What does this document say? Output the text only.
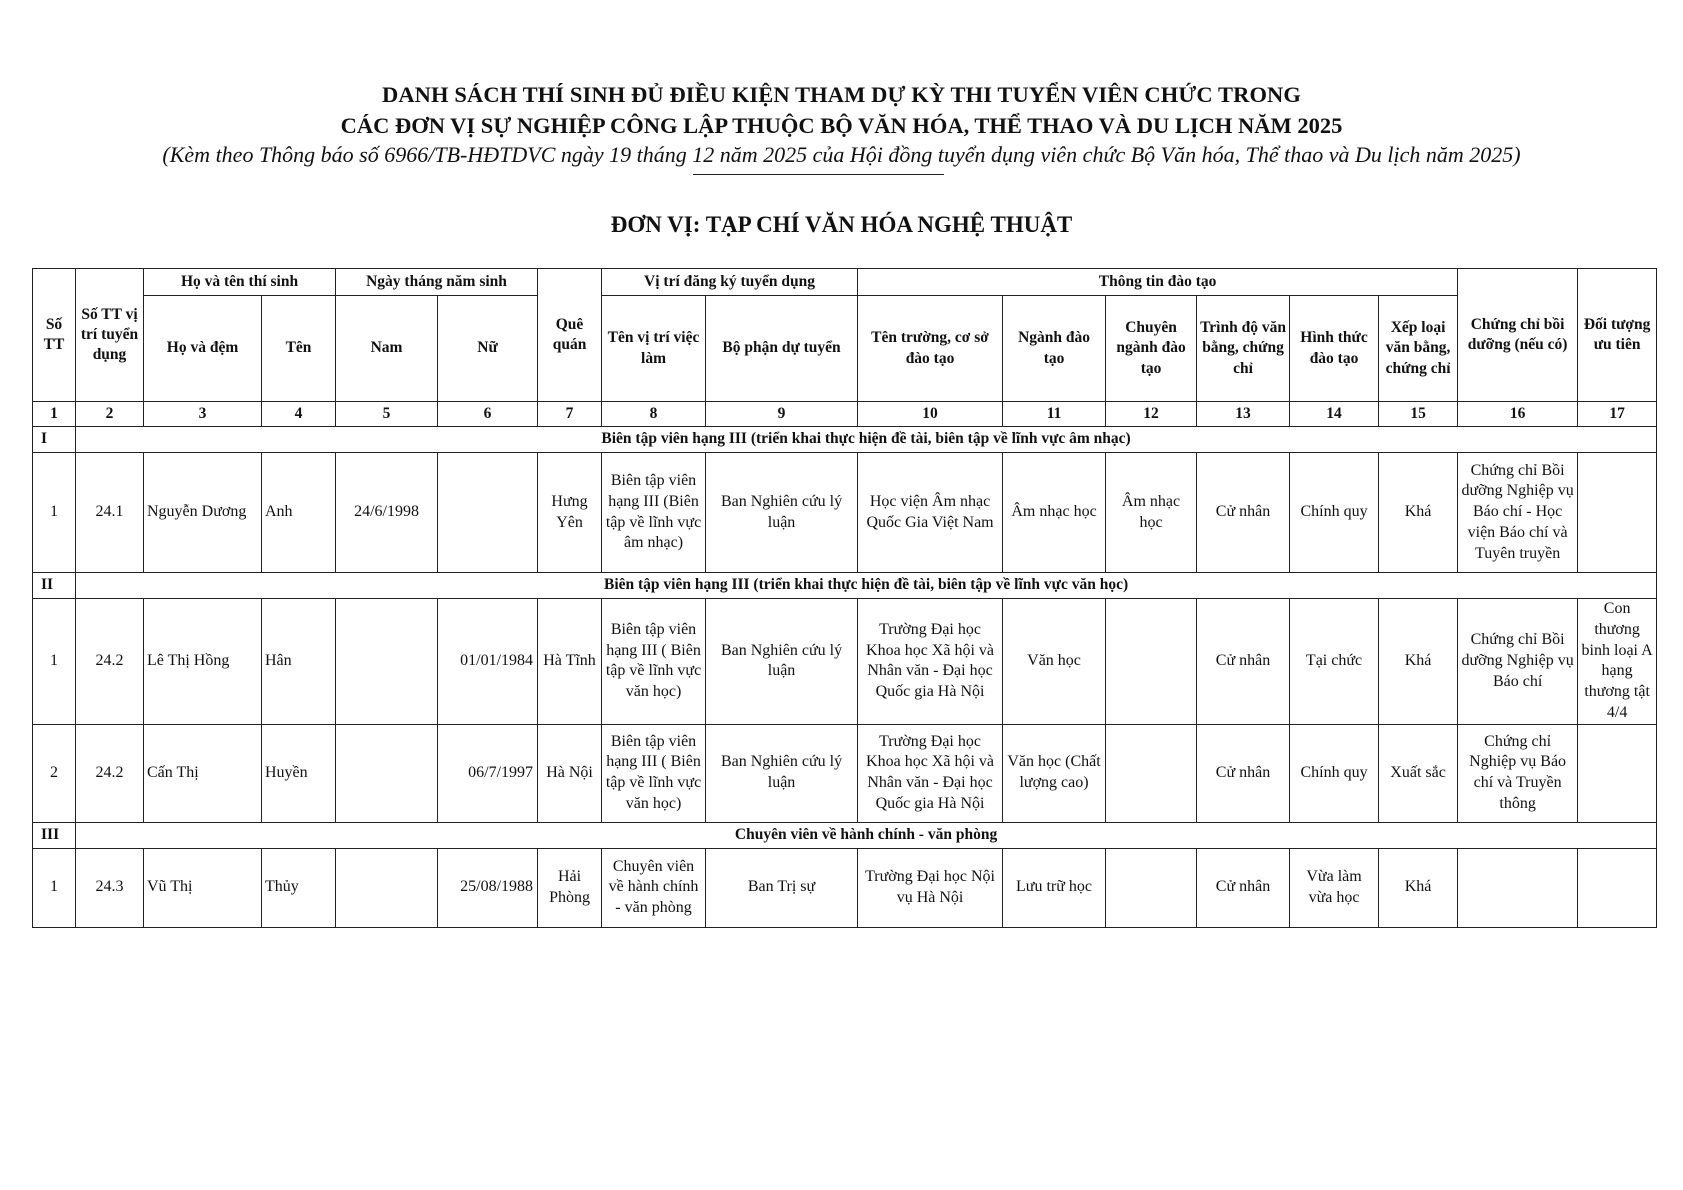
DANH SÁCH THÍ SINH ĐỦ ĐIỀU KIỆN THAM DỰ KỲ THI TUYỂN VIÊN CHỨC TRONG
CÁC ĐƠN VỊ SỰ NGHIỆP CÔNG LẬP THUỘC BỘ VĂN HÓA, THỂ THAO VÀ DU LỊCH NĂM 2025
(Kèm theo Thông báo số 6966/TB-HĐTDVC ngày 19 tháng 12 năm 2025 của Hội đồng tuyển dụng viên chức Bộ Văn hóa, Thể thao và Du lịch năm 2025)
ĐƠN VỊ: TẠP CHÍ VĂN HÓA NGHỆ THUẬT
Số TT	Số TT vị trí tuyển dụng	Họ và tên thí sinh		Ngày tháng năm sinh		Quê quán	Vị trí đăng ký tuyển dụng		Thông tin đào tạo						Chứng chỉ bồi dưỡng (nếu có)	Đối tượng ưu tiên
		Họ và đệm	Tên	Nam	Nữ		Tên vị trí việc làm	Bộ phận dự tuyển	Tên trường, cơ sở đào tạo	Ngành đào tạo	Chuyên ngành đào tạo	Trình độ văn bằng, chứng chỉ	Hình thức đào tạo	Xếp loại văn bằng, chứng chỉ		
1	2	3	4	5	6	7	8	9	10	11	12	13	14	15	16	17
I	Biên tập viên hạng III (triển khai thực hiện đề tài, biên tập về lĩnh vực âm nhạc)															
1	24.1	Nguyễn Dương	Anh	24/6/1998		Hưng Yên	Biên tập viên hạng III (Biên tập về lĩnh vực âm nhạc)	Ban Nghiên cứu lý luận	Học viện Âm nhạc Quốc Gia Việt Nam	Âm nhạc học	Âm nhạc học	Cử nhân	Chính quy	Khá	Chứng chỉ Bồi dưỡng Nghiệp vụ Báo chí - Học viện Báo chí và Tuyên truyền	
II	Biên tập viên hạng III (triển khai thực hiện đề tài, biên tập về lĩnh vực văn học)															
1	24.2	Lê Thị Hồng	Hân		01/01/1984	Hà Tĩnh	Biên tập viên hạng III ( Biên tập về lĩnh vực văn học)	Ban Nghiên cứu lý luận	Trường Đại học Khoa học Xã hội và Nhân văn - Đại học Quốc gia Hà Nội	Văn học		Cử nhân	Tại chức	Khá	Chứng chỉ Bồi dưỡng Nghiệp vụ Báo chí	Con thương binh loại A hạng thương tật 4/4
2	24.2	Cấn Thị	Huyền		06/7/1997	Hà Nội	Biên tập viên hạng III ( Biên tập về lĩnh vực văn học)	Ban Nghiên cứu lý luận	Trường Đại học Khoa học Xã hội và Nhân văn - Đại học Quốc gia Hà Nội	Văn học (Chất lượng cao)		Cử nhân	Chính quy	Xuất sắc	Chứng chỉ Nghiệp vụ Báo chí và Truyền thông	
III	Chuyên viên về hành chính - văn phòng															
1	24.3	Vũ Thị	Thủy		25/08/1988	Hải Phòng	Chuyên viên về hành chính - văn phòng	Ban Trị sự	Trường Đại học Nội vụ Hà Nội	Lưu trữ học		Cử nhân	Vừa làm vừa học	Khá		
